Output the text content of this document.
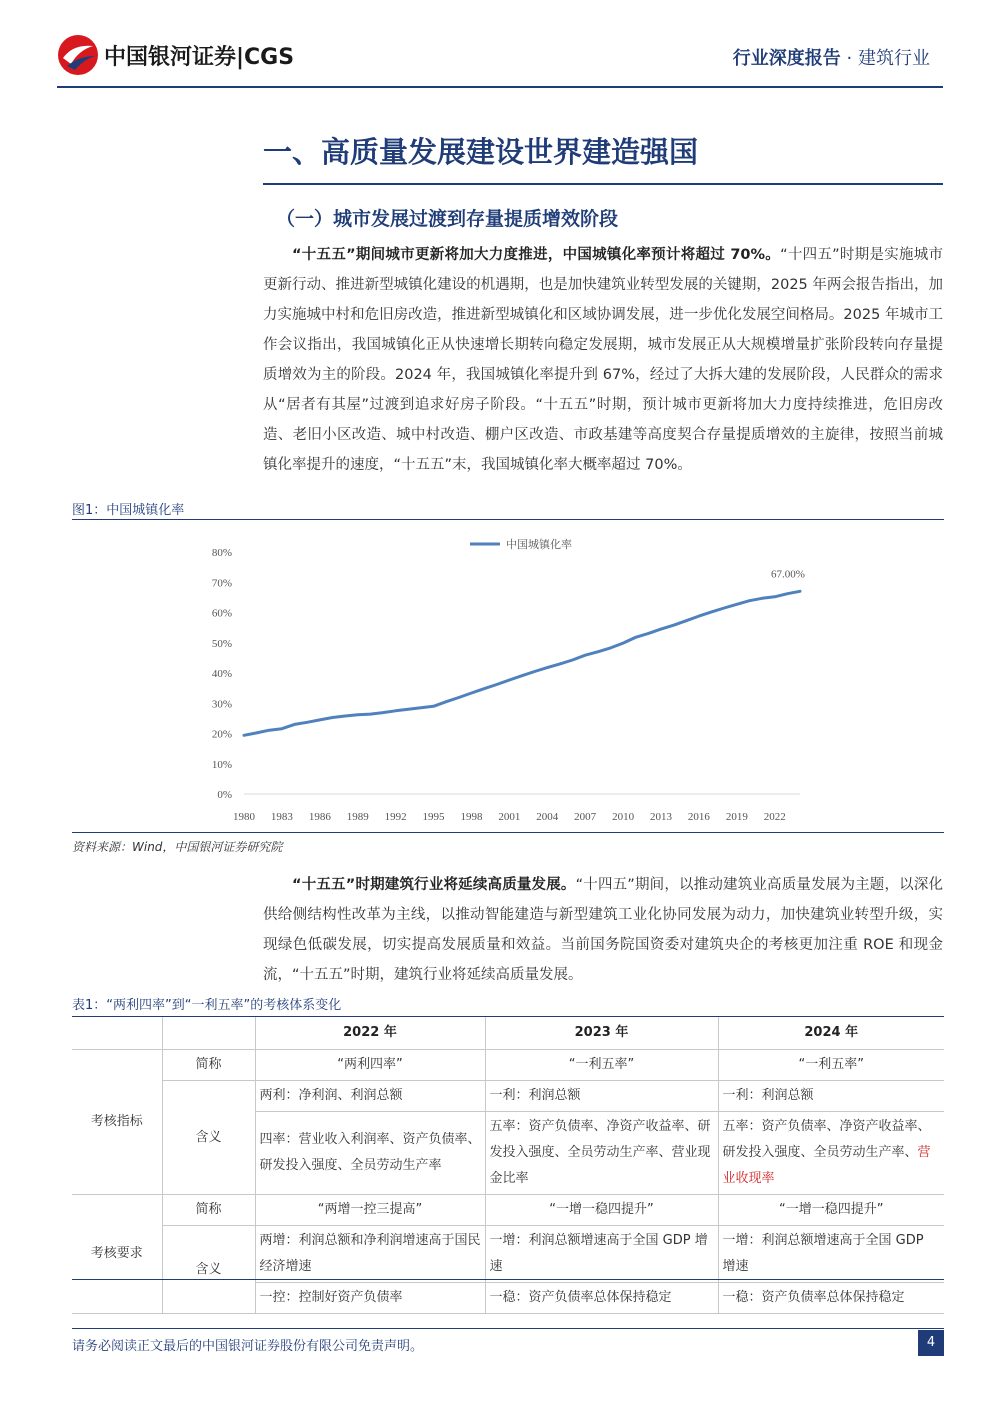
中国银河证券|CGS	行业深度报告 · 建筑行业
一、高质量发展建设世界建造强国
（一）城市发展过渡到存量提质增效阶段
“十五五”期间城市更新将加大力度推进，中国城镇化率预计将超过 70%。“十四五”时期是实施城市更新行动、推进新型城镇化建设的机遇期，也是加快建筑业转型发展的关键期，2025 年两会报告指出，加力实施城中村和危旧房改造，推进新型城镇化和区域协调发展，进一步优化发展空间格局。2025 年城市工作会议指出，我国城镇化正从快速增长期转向稳定发展期，城市发展正从大规模增量扩张阶段转向存量提质增效为主的阶段。2024 年，我国城镇化率提升到 67%，经过了大拆大建的发展阶段，人民群众的需求从“居者有其屋”过渡到追求好房子阶段。“十五五”时期，预计城市更新将加大力度持续推进，危旧房改造、老旧小区改造、城中村改造、棚户区改造、市政基建等高度契合存量提质增效的主旋律，按照当前城镇化率提升的速度，“十五五”末，我国城镇化率大概率超过 70%。
图1：中国城镇化率
0%
10%
20%
30%
40%
50%
60%
70%
80%
1980 1983 1986 1989 1992 1995 1998 2001 2004 2007 2010 2013 2016 2019 2022
67.00%
中国城镇化率
资料来源：Wind，中国银河证券研究院
“十五五”时期建筑行业将延续高质量发展。“十四五”期间，以推动建筑业高质量发展为主题，以深化供给侧结构性改革为主线，以推动智能建造与新型建筑工业化协同发展为动力，加快建筑业转型升级，实现绿色低碳发展，切实提高发展质量和效益。当前国务院国资委对建筑央企的考核更加注重 ROE 和现金流，“十五五”时期，建筑行业将延续高质量发展。
表1：“两利四率”到“一利五率”的考核体系变化
		2022 年	2023 年	2024 年
考核指标	简称	“两利四率”	“一利五率”	“一利五率”
	含义	两利：净利润、利润总额	一利：利润总额	一利：利润总额
		四率：营业收入利润率、资产负债率、研发投入强度、全员劳动生产率	五率：资产负债率、净资产收益率、研发投入强度、全员劳动生产率、营业现金比率	五率：资产负债率、净资产收益率、研发投入强度、全员劳动生产率、营业收现率
考核要求	简称	“两增一控三提高”	“一增一稳四提升”	“一增一稳四提升”
	含义	两增：利润总额和净利润增速高于国民经济增速	一增：利润总额增速高于全国 GDP 增速	一增：利润总额增速高于全国 GDP 增速
		一控：控制好资产负债率	一稳：资产负债率总体保持稳定	一稳：资产负债率总体保持稳定
请务必阅读正文最后的中国银河证券股份有限公司免责声明。	4
